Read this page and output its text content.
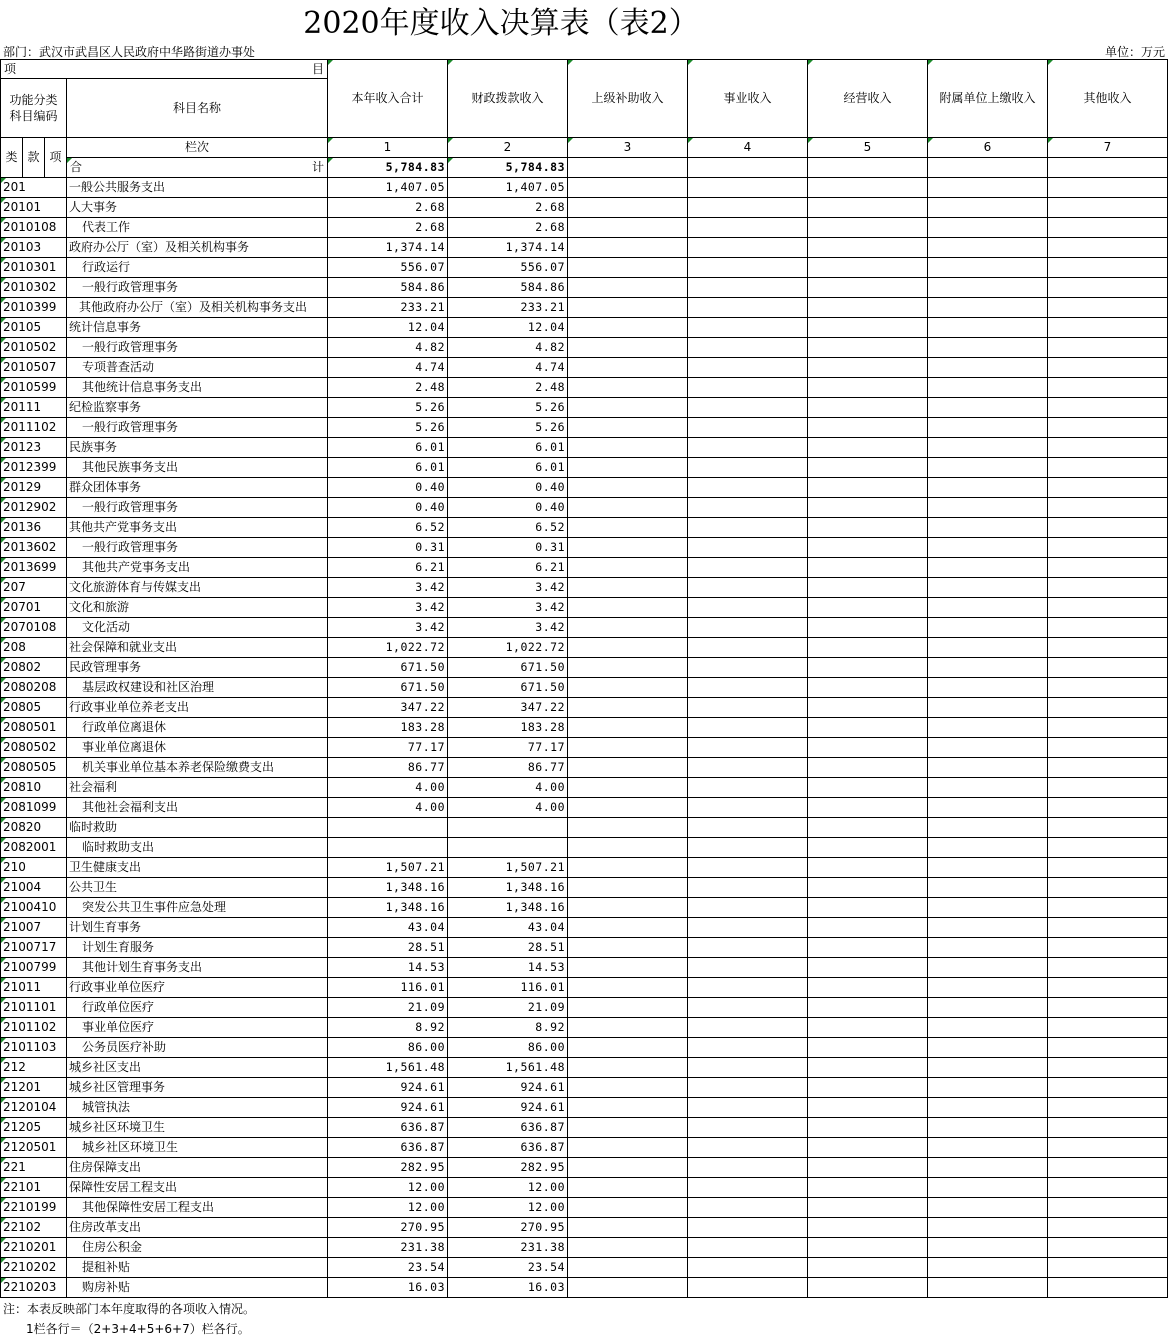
2020年度收入决算表（表2）
部门：武汉市武昌区人民政府中华路街道办事处	单位：万元
项 目				本年收入合计	财政拨款收入	上级补助收入	事业收入	经营收入	附属单位上缴收入	其他收入
功能分类科目编码			科目名称							
类	款	项	栏次	1	2	3	4	5	6	7

			合 计	5,784.83	5,784.83					
201			一般公共服务支出	1,407.05	1,407.05					
20101			人大事务	2.68	2.68					
2010108			代表工作	2.68	2.68					
20103			政府办公厅（室）及相关机构事务	1,374.14	1,374.14					
2010301			行政运行	556.07	556.07					
2010302			一般行政管理事务	584.86	584.86					
2010399			其他政府办公厅（室）及相关机构事务支出	233.21	233.21					
20105			统计信息事务	12.04	12.04					
2010502			一般行政管理事务	4.82	4.82					
2010507			专项普查活动	4.74	4.74					
2010599			其他统计信息事务支出	2.48	2.48					
20111			纪检监察事务	5.26	5.26					
2011102			一般行政管理事务	5.26	5.26					
20123			民族事务	6.01	6.01					
2012399			其他民族事务支出	6.01	6.01					
20129			群众团体事务	0.40	0.40					
2012902			一般行政管理事务	0.40	0.40					
20136			其他共产党事务支出	6.52	6.52					
2013602			一般行政管理事务	0.31	0.31					
2013699			其他共产党事务支出	6.21	6.21					
207			文化旅游体育与传媒支出	3.42	3.42					
20701			文化和旅游	3.42	3.42					
2070108			文化活动	3.42	3.42					
208			社会保障和就业支出	1,022.72	1,022.72					
20802			民政管理事务	671.50	671.50					
2080208			基层政权建设和社区治理	671.50	671.50					
20805			行政事业单位养老支出	347.22	347.22					
2080501			行政单位离退休	183.28	183.28					
2080502			事业单位离退休	77.17	77.17					
2080505			机关事业单位基本养老保险缴费支出	86.77	86.77					
20810			社会福利	4.00	4.00					
2081099			其他社会福利支出	4.00	4.00					
20820			临时救助							
2082001			临时救助支出							
210			卫生健康支出	1,507.21	1,507.21					
21004			公共卫生	1,348.16	1,348.16					
2100410			突发公共卫生事件应急处理	1,348.16	1,348.16					
21007			计划生育事务	43.04	43.04					
2100717			计划生育服务	28.51	28.51					
2100799			其他计划生育事务支出	14.53	14.53					
21011			行政事业单位医疗	116.01	116.01					
2101101			行政单位医疗	21.09	21.09					
2101102			事业单位医疗	8.92	8.92					
2101103			公务员医疗补助	86.00	86.00					
212			城乡社区支出	1,561.48	1,561.48					
21201			城乡社区管理事务	924.61	924.61					
2120104			城管执法	924.61	924.61					
21205			城乡社区环境卫生	636.87	636.87					
2120501			城乡社区环境卫生	636.87	636.87					
221			住房保障支出	282.95	282.95					
22101			保障性安居工程支出	12.00	12.00					
2210199			其他保障性安居工程支出	12.00	12.00					
22102			住房改革支出	270.95	270.95					
2210201			住房公积金	231.38	231.38					
2210202			提租补贴	23.54	23.54					
2210203			购房补贴	16.03	16.03					
注：本表反映部门本年度取得的各项收入情况。
1栏各行＝（2+3+4+5+6+7）栏各行。
